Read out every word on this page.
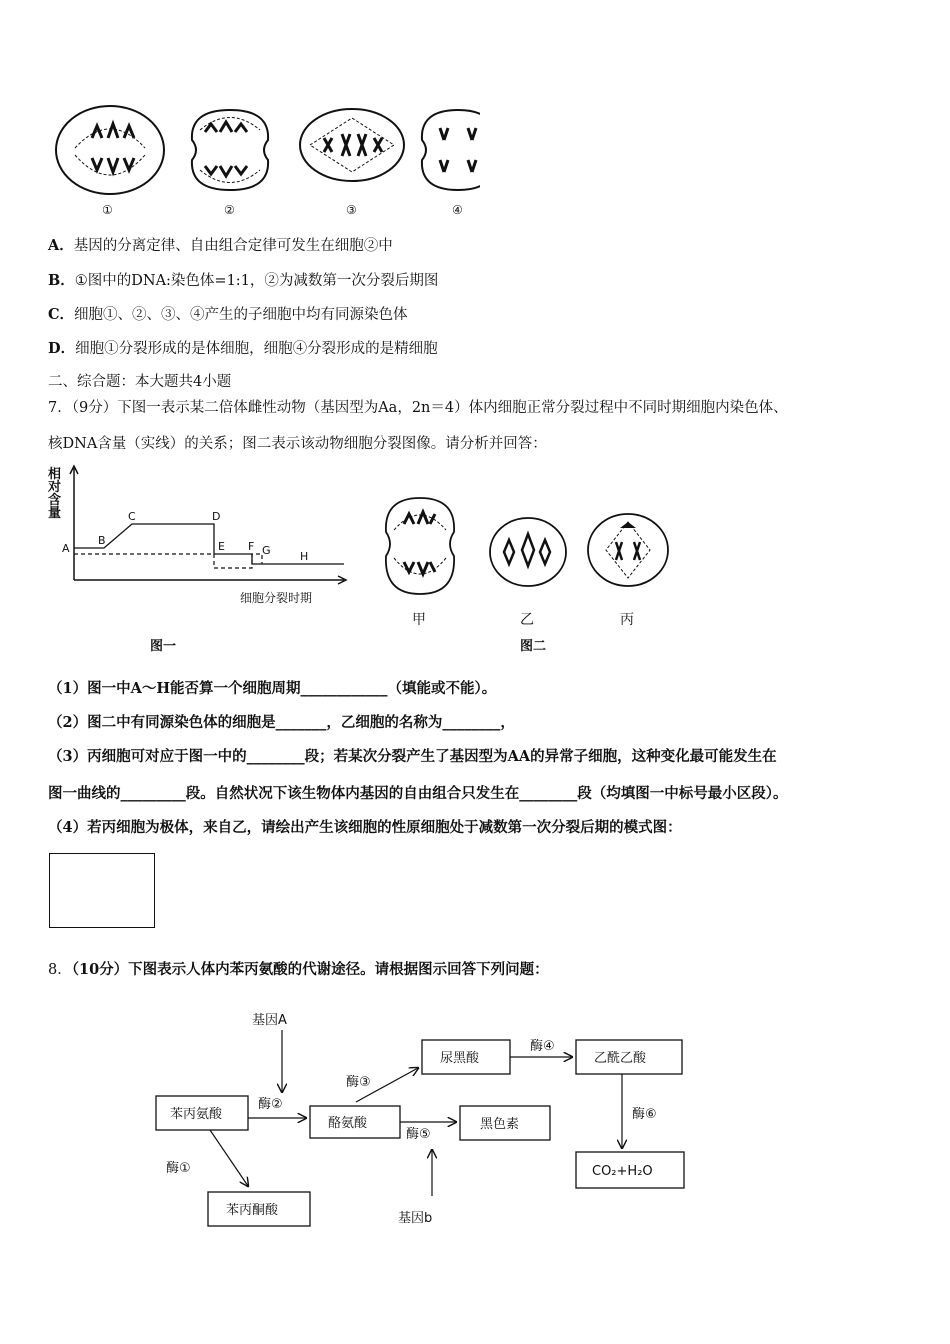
①	②	③	④
A．基因的分离定律、自由组合定律可发生在细胞②中
B．①图中的DNA:染色体=1:1，②为减数第一次分裂后期图
C．细胞①、②、③、④产生的子细胞中均有同源染色体
D．细胞①分裂形成的是体细胞，细胞④分裂形成的是精细胞
二、综合题：本大题共4小题
7．（9分）下图一表示某二倍体雌性动物（基因型为Aa，2n＝4）体内细胞正常分裂过程中不同时期细胞内染色体、
核DNA含量（实线）的关系；图二表示该动物细胞分裂图像。请分析并回答：
相对含量
A
B
C	D
E F G	H
细胞分裂时期
图一
甲	乙	丙
图二
（1）图一中A～H能否算一个细胞周期____________（填能或不能）。
（2）图二中有同源染色体的细胞是_______，乙细胞的名称为________，
（3）丙细胞可对应于图一中的________段；若某次分裂产生了基因型为AA的异常子细胞，这种变化最可能发生在
图一曲线的_________段。自然状况下该生物体内基因的自由组合只发生在________段（均填图一中标号最小区段）。
（4）若丙细胞为极体，来自乙，请绘出产生该细胞的性原细胞处于减数第一次分裂后期的模式图：
8．（10分）下图表示人体内苯丙氨酸的代谢途径。请根据图示回答下列问题：
苯丙氨酸
酪氨酸
尿黑酸	乙酰乙酸
黑色素
CO₂+H₂O
苯丙酮酸
基因A
基因b
酶①
酶②
酶③
酶④
酶⑤
酶⑥
